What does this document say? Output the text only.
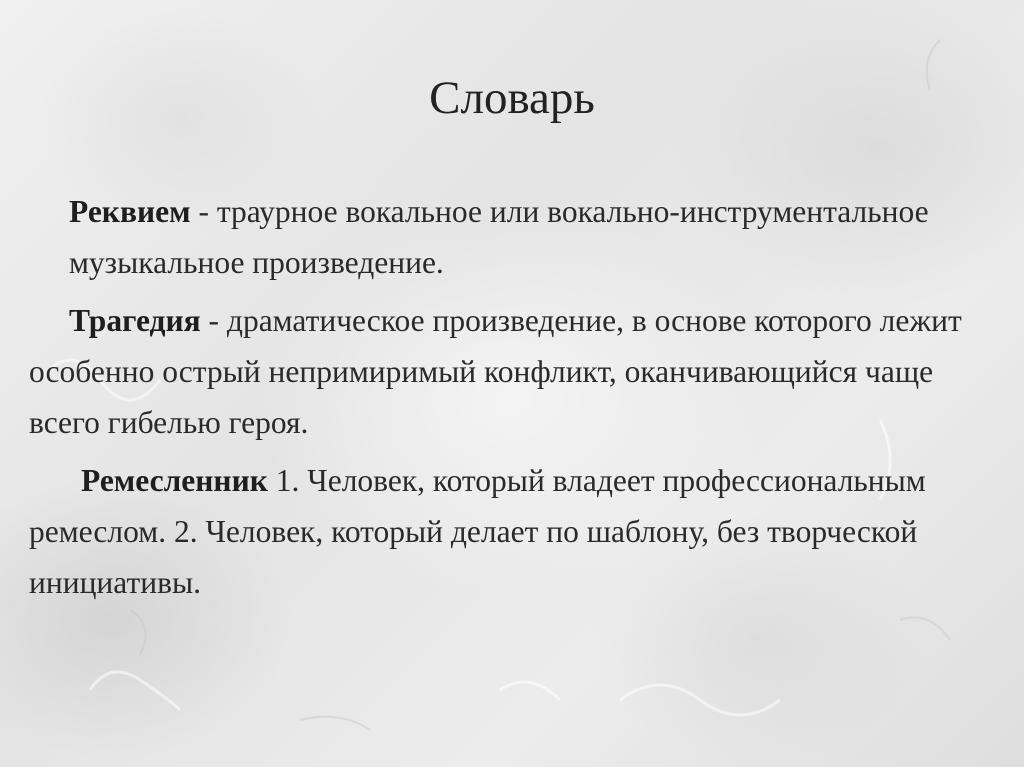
Словарь

Реквием - траурное вокальное или вокально-инструментальное музыкальное произведение.

Трагедия - драматическое произведение, в основе которого лежит особенно острый непримиримый конфликт, оканчивающийся чаще всего гибелью героя.

Ремесленник 1. Человек, который владеет профессиональным ремеслом. 2. Человек, который делает по шаблону, без творческой инициативы.
